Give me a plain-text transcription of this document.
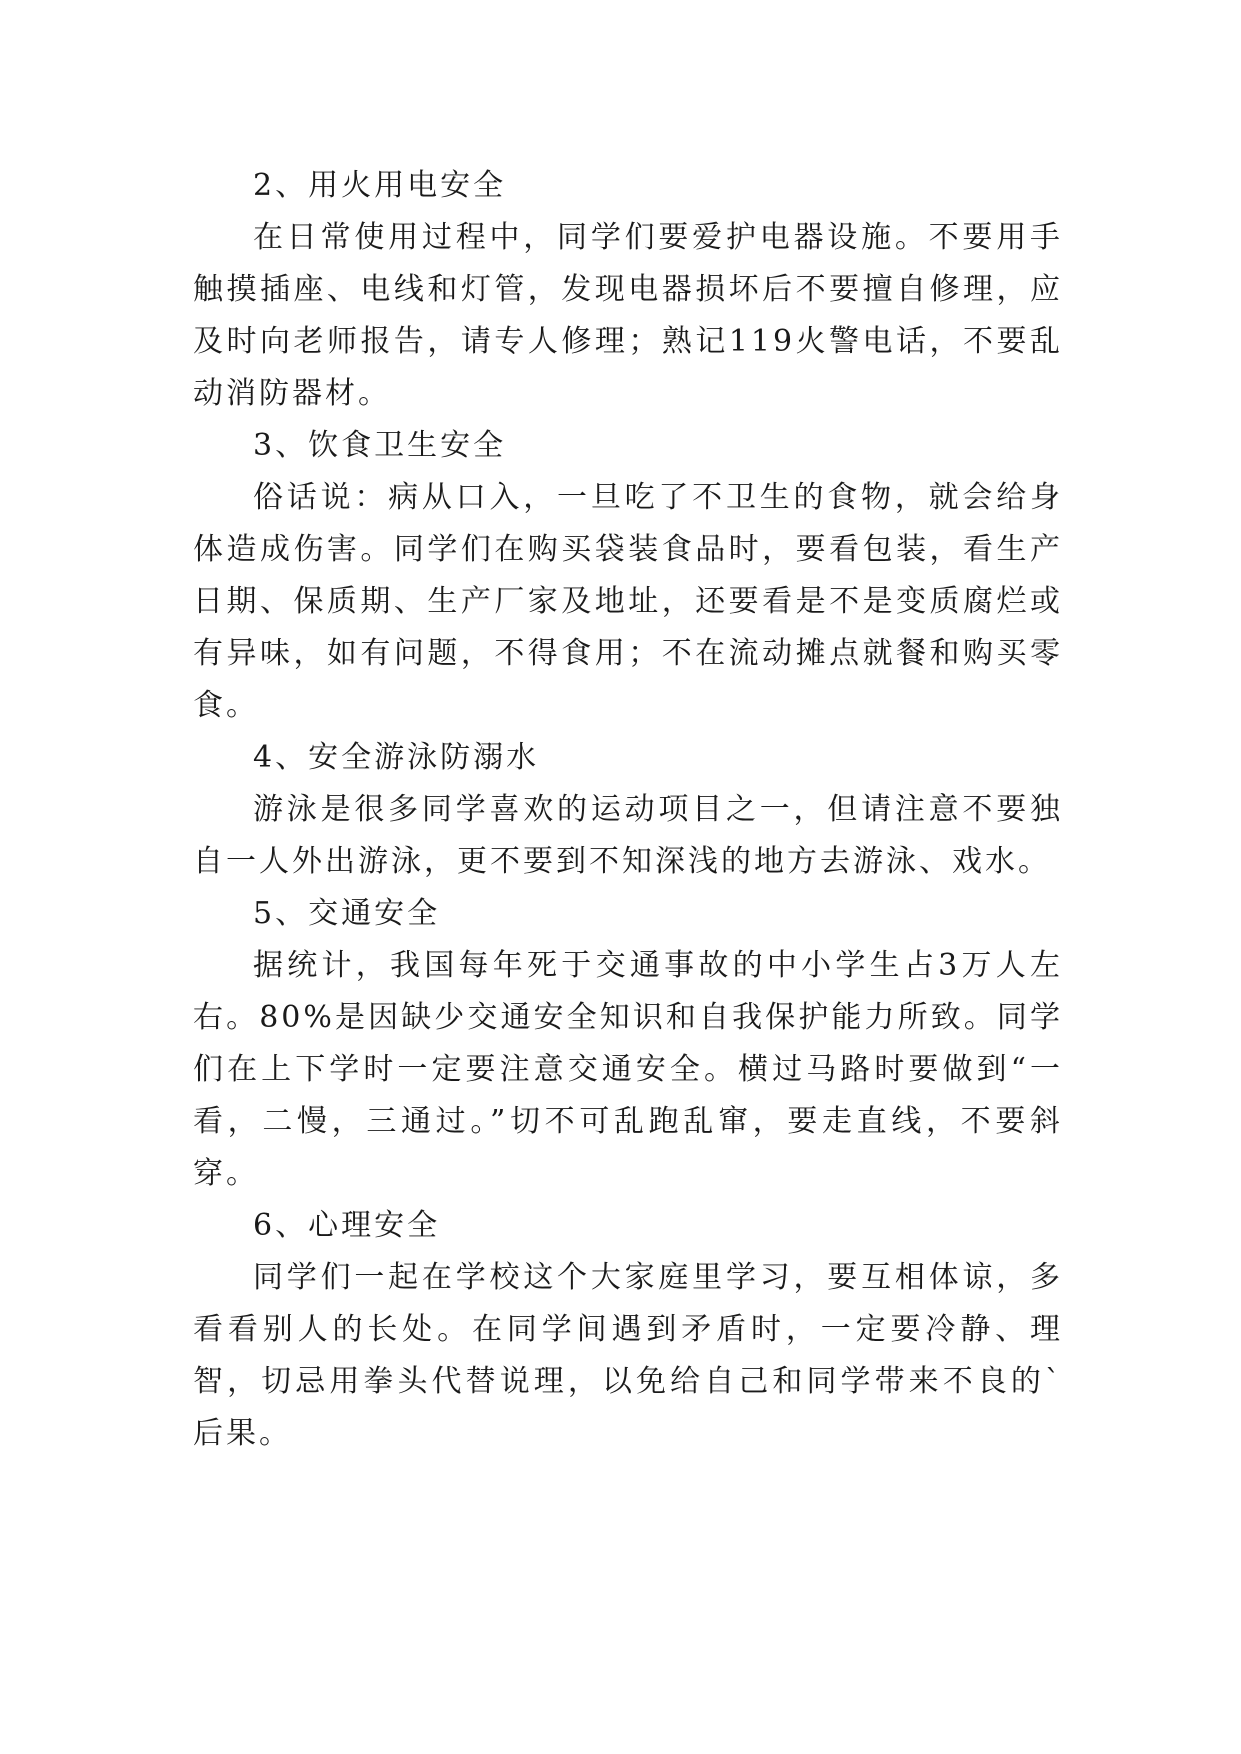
2、用火用电安全

在日常使用过程中，同学们要爱护电器设施。不要用手触摸插座、电线和灯管，发现电器损坏后不要擅自修理，应及时向老师报告，请专人修理；熟记119火警电话，不要乱动消防器材。

3、饮食卫生安全

俗话说：病从口入，一旦吃了不卫生的食物，就会给身体造成伤害。同学们在购买袋装食品时，要看包装，看生产日期、保质期、生产厂家及地址，还要看是不是变质腐烂或有异味，如有问题，不得食用；不在流动摊点就餐和购买零食。

4、安全游泳防溺水

游泳是很多同学喜欢的运动项目之一，但请注意不要独自一人外出游泳，更不要到不知深浅的地方去游泳、戏水。

5、交通安全

据统计，我国每年死于交通事故的中小学生占3万人左右。80%是因缺少交通安全知识和自我保护能力所致。同学们在上下学时一定要注意交通安全。横过马路时要做到“一看，二慢，三通过。”切不可乱跑乱窜，要走直线，不要斜穿。

6、心理安全

同学们一起在学校这个大家庭里学习，要互相体谅，多看看别人的长处。在同学间遇到矛盾时，一定要冷静、理智，切忌用拳头代替说理，以免给自己和同学带来不良的`后果。
